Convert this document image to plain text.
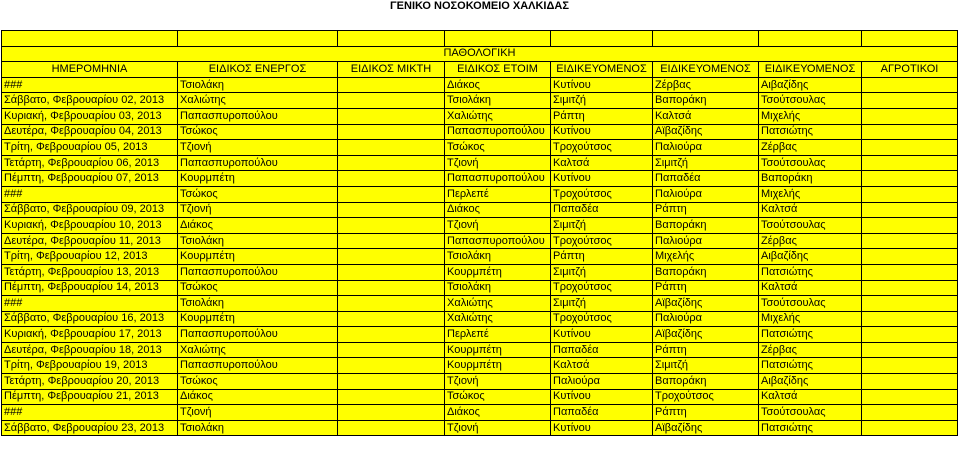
ΓΕΝΙΚΟ ΝΟΣΟΚΟΜΕΙΟ ΧΑΛΚΙΔΑΣ

ΠΑΘΟΛΟΓΙΚΗ							
ΗΜΕΡΟΜΗΝΙΑ	ΕΙΔΙΚΟΣ ΕΝΕΡΓΟΣ	ΕΙΔΙΚΟΣ ΜΙΚΤΗ	ΕΙΔΙΚΟΣ ΕΤΟΙΜ	ΕΙΔΙΚΕΥΟΜΕΝΟΣ	ΕΙΔΙΚΕΥΟΜΕΝΟΣ	ΕΙΔΙΚΕΥΟΜΕΝΟΣ	ΑΓΡΟΤΙΚΟΙ
###	Τσιολάκη		Διάκος	Κυτίνου	Ζέρβας	Αιβαζίδης	
Σάββατο, Φεβρουαρίου 02, 2013	Χαλιώτης		Τσιολάκη	Σιμιτζή	Βαποράκη	Τσούτσουλας	
Κυριακή, Φεβρουαρίου 03, 2013	Παπασπυροπούλου		Χαλιώτης	Ράπτη	Καλτσά	Μιχελής	
Δευτέρα, Φεβρουαρίου 04, 2013	Τσώκος		Παπασπυροπούλου	Κυτίνου	Αϊβαζίδης	Πατσιώτης	
Τρίτη, Φεβρουαρίου 05, 2013	Τζιονή		Τσώκος	Τροχούτσος	Παλιούρα	Ζέρβας	
Τετάρτη, Φεβρουαρίου 06, 2013	Παπασπυροπούλου		Τζιονή	Καλτσά	Σιμιτζή	Τσούτσουλας	
Πέμπτη, Φεβρουαρίου 07, 2013	Κουρμπέτη		Παπασπυροπούλου	Κυτίνου	Παπαδέα	Βαποράκη	
###	Τσώκος		Περλεπέ	Τροχούτσος	Παλιούρα	Μιχελής	
Σάββατο, Φεβρουαρίου 09, 2013	Τζιονή		Διάκος	Παπαδέα	Ράπτη	Καλτσά	
Κυριακή, Φεβρουαρίου 10, 2013	Διάκος		Τζιονή	Σιμιτζή	Βαποράκη	Τσούτσουλας	
Δευτέρα, Φεβρουαρίου 11, 2013	Τσιολάκη		Παπασπυροπούλου	Τροχούτσος	Παλιούρα	Ζέρβας	
Τρίτη, Φεβρουαρίου 12, 2013	Κουρμπέτη		Τσιολάκη	Ράπτη	Μιχελής	Αιβαζίδης	
Τετάρτη, Φεβρουαρίου 13, 2013	Παπασπυροπούλου		Κουρμπέτη	Σιμιτζή	Βαποράκη	Πατσιώτης	
Πέμπτη, Φεβρουαρίου 14, 2013	Τσώκος		Τσιολάκη	Τροχούτσος	Ράπτη	Καλτσά	
###	Τσιολάκη		Χαλιώτης	Σιμιτζή	Αϊβαζίδης	Τσούτσουλας	
Σάββατο, Φεβρουαρίου 16, 2013	Κουρμπέτη		Χαλιώτης	Τροχούτσος	Παλιούρα	Μιχελής	
Κυριακή, Φεβρουαρίου 17, 2013	Παπασπυροπούλου		Περλεπέ	Κυτίνου	Αϊβαζίδης	Πατσιώτης	
Δευτέρα, Φεβρουαρίου 18, 2013	Χαλιώτης		Κουρμπέτη	Παπαδέα	Ράπτη	Ζέρβας	
Τρίτη, Φεβρουαρίου 19, 2013	Παπασπυροπούλου		Κουρμπέτη	Καλτσά	Σιμιτζή	Πατσιώτης	
Τετάρτη, Φεβρουαρίου 20, 2013	Τσώκος		Τζιονή	Παλιούρα	Βαποράκη	Αιβαζίδης	
Πέμπτη, Φεβρουαρίου 21, 2013	Διάκος		Τσώκος	Κυτίνου	Τροχούτσος	Καλτσά	
###	Τζιονή		Διάκος	Παπαδέα	Ράπτη	Τσούτσουλας	
Σάββατο, Φεβρουαρίου 23, 2013	Τσιολάκη		Τζιονή	Κυτίνου	Αϊβαζίδης	Πατσιώτης	
